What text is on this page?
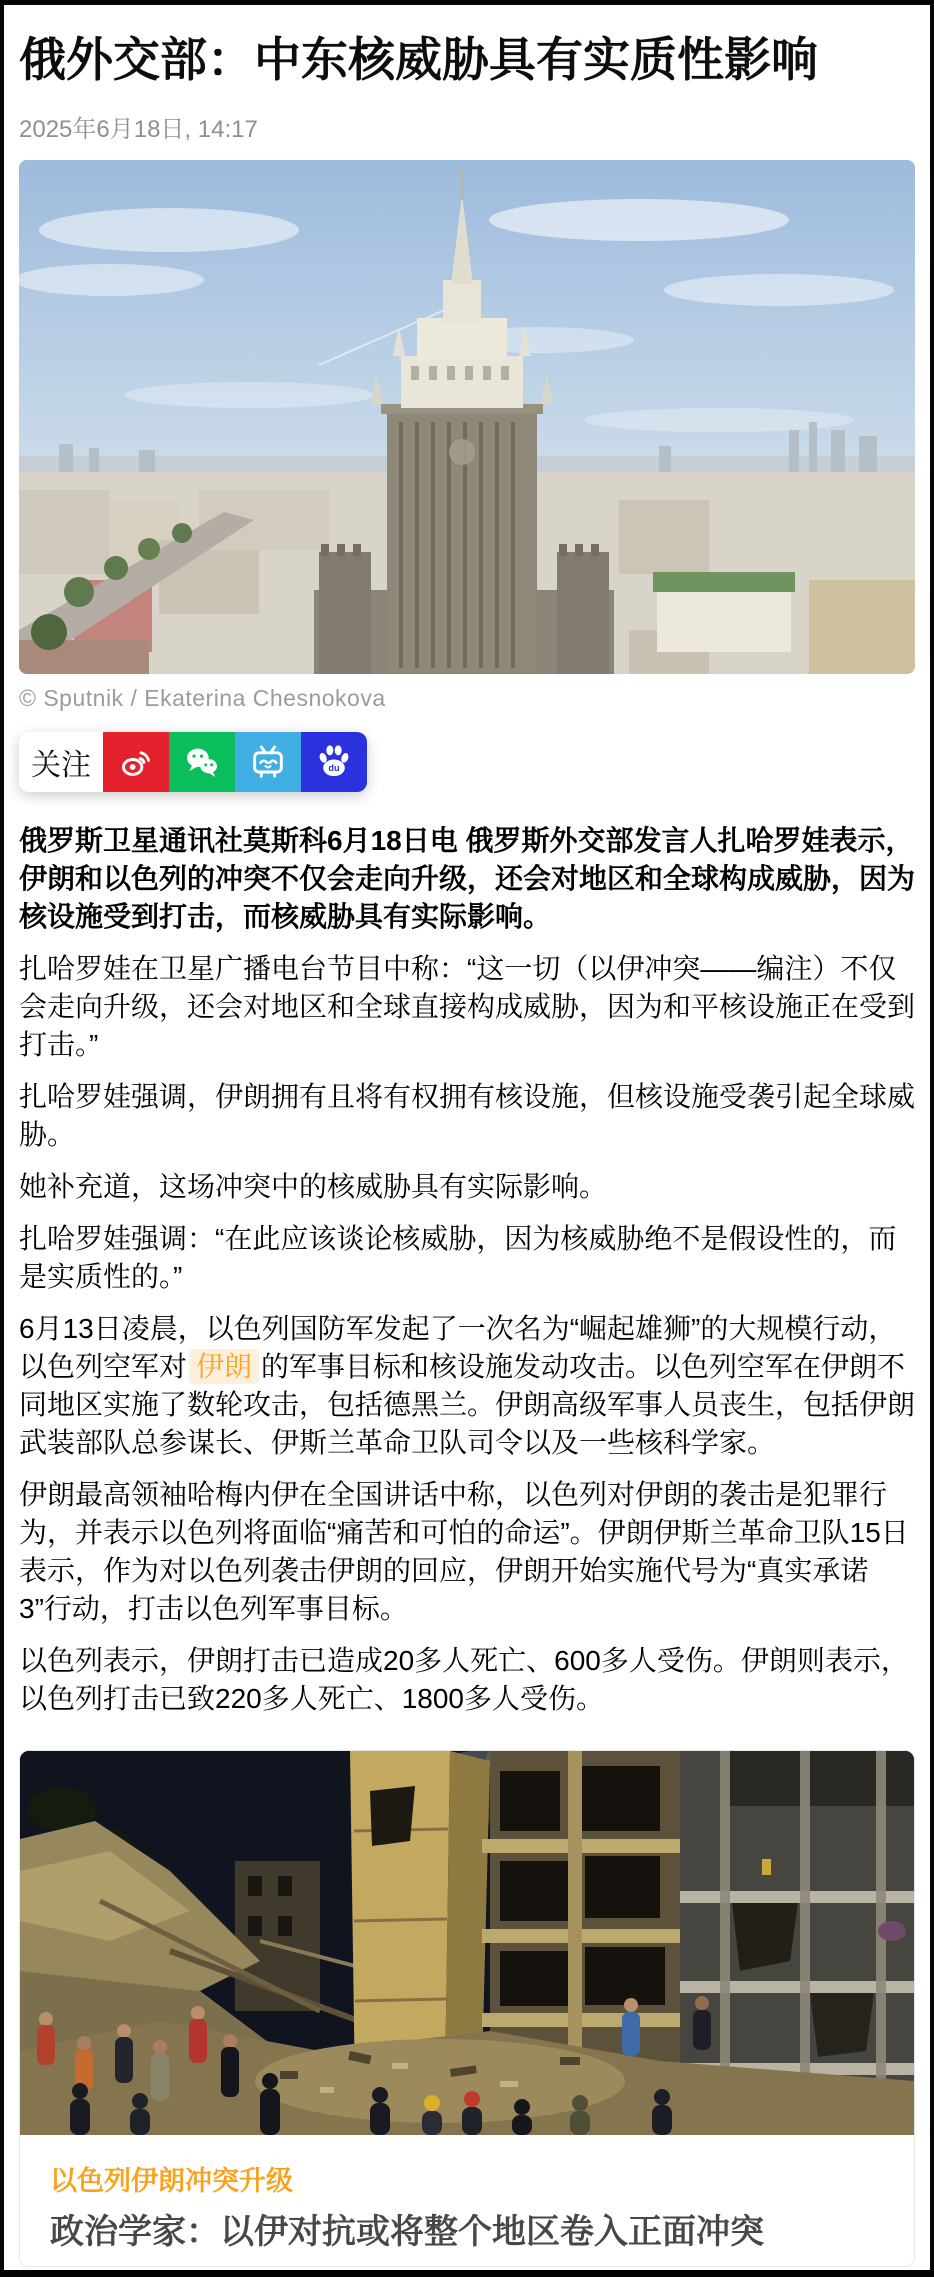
俄外交部：中东核威胁具有实质性影响
2025年6月18日, 14:17
© Sputnik / Ekaterina Chesnokova
关注	du

俄罗斯卫星通讯社莫斯科6月18日电 俄罗斯外交部发言人扎哈罗娃表示，伊朗和以色列的冲突不仅会走向升级，还会对地区和全球构成威胁，因为核设施受到打击，而核威胁具有实际影响。

扎哈罗娃在卫星广播电台节目中称：“这一切（以伊冲突——编注）不仅会走向升级，还会对地区和全球直接构成威胁，因为和平核设施正在受到打击。”

扎哈罗娃强调，伊朗拥有且将有权拥有核设施，但核设施受袭引起全球威胁。

她补充道，这场冲突中的核威胁具有实际影响。

扎哈罗娃强调：“在此应该谈论核威胁，因为核威胁绝不是假设性的，而是实质性的。”

6月13日凌晨，以色列国防军发起了一次名为“崛起雄狮”的大规模行动，以色列空军对 伊朗 的军事目标和核设施发动攻击。以色列空军在伊朗不同地区实施了数轮攻击，包括德黑兰。伊朗高级军事人员丧生，包括伊朗武装部队总参谋长、伊斯兰革命卫队司令以及一些核科学家。

伊朗最高领袖哈梅内伊在全国讲话中称，以色列对伊朗的袭击是犯罪行为，并表示以色列将面临“痛苦和可怕的命运”。伊朗伊斯兰革命卫队15日表示，作为对以色列袭击伊朗的回应，伊朗开始实施代号为“真实承诺3”行动，打击以色列军事目标。

以色列表示，伊朗打击已造成20多人死亡、600多人受伤。伊朗则表示，以色列打击已致220多人死亡、1800多人受伤。

以色列伊朗冲突升级
政治学家：以伊对抗或将整个地区卷入正面冲突
